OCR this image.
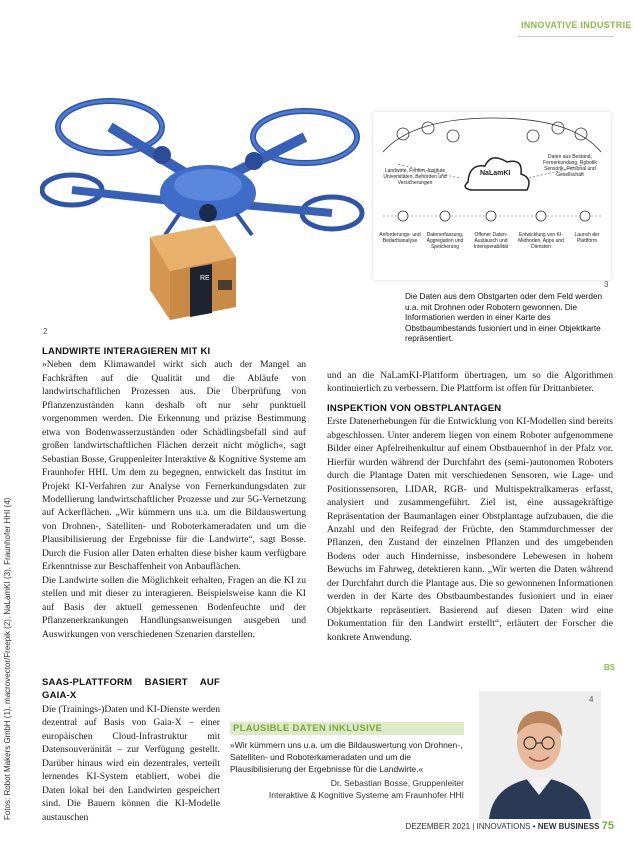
INNOVATIVE INDUSTRIE
Fotos: Robot Makers GmbH (1), macrovector/Freepik (2), NaLamKI (3), Fraunhofer HHI (4)
RE
2
NaLamKI
Landwirte, Firmen, Institute Universitäten, Behörden und Versicherungen
Daten aus Bestand, Fernerkundung, Robotik Sensorik, Personal und Gesellschaft
Anforderungs- und Bedarfsanalyse
Datenerfassung, Aggregation und Speicherung
Offener Daten-Austausch und Interoperabilität
Entwicklung von KI-Methoden, Apps und Diensten
Launch der Plattform
3
Die Daten aus dem Obstgarten oder dem Feld werden u.a. mit Drohnen oder Robotern gewonnen. Die Informationen werden in einer Karte des Obstbaumbestands fusioniert und in einer Objektkarte repräsentiert.

LANDWIRTE INTERAGIEREN MIT KI

»Neben dem Klimawandel wirkt sich auch der Mangel an Fachkräften auf die Qualität und die Abläufe von landwirtschaftlichen Prozessen aus. Die Überprüfung von Pflanzenzuständen kann deshalb oft nur sehr punktuell vorgenommen werden. Die Erkennung und präzise Bestimmung etwa von Bodenwasserzuständen oder Schädlingsbefall sind auf großen landwirtschaftlichen Flächen derzeit nicht möglich«, sagt Sebastian Bosse, Gruppenleiter Interaktive & Kognitive Systeme am Fraunhofer HHI. Um dem zu begegnen, entwickelt das Institut im Projekt KI-Verfahren zur Analyse von Fernerkundungsdaten zur Modellierung landwirtschaftlicher Prozesse und zur 5G-Vernetzung auf Ackerflächen. „Wir kümmern uns u.a. um die Bildauswertung von Drohnen-, Satelliten- und Roboterkameradaten und um die Plausibilisierung der Ergebnisse für die Landwirte“, sagt Bosse. Durch die Fusion aller Daten erhalten diese bisher kaum verfügbare Erkenntnisse zur Beschaffenheit von Anbauflächen.

Die Landwirte sollen die Möglichkeit erhalten, Fragen an die KI zu stellen und mit dieser zu interagieren. Beispielsweise kann die KI auf Basis der aktuell gemessenen Bodenfeuchte und der Pflanzenerkrankungen Handlungsanweisungen ausgeben und Auswirkungen von verschiedenen Szenarien darstellen.

SAAS-PLATTFORM BASIERT AUF GAIA-X

Die (Trainings-)Daten und KI-Dienste werden dezentral auf Basis von Gaia-X – einer europäischen Cloud-Infrastruktur mit Datensouveränität – zur Verfügung gestellt. Darüber hinaus wird ein dezentrales, verteilt lernendes KI-System etabliert, wobei die Daten lokal bei den Landwirten gespeichert sind. Die Bauern können die KI-Modelle austauschen

und an die NaLamKI-Plattform übertragen, um so die Algorithmen kontinuierlich zu verbessern. Die Plattform ist offen für Drittanbieter.

INSPEKTION VON OBSTPLANTAGEN

Erste Datenerhebungen für die Entwicklung von KI-Modellen sind bereits abgeschlossen. Unter anderem liegen von einem Roboter aufgenommene Bilder einer Apfelreihenkultur auf einem Obstbauernhof in der Pfalz vor. Hierfür wurden während der Durchfahrt des (semi-)autonomen Roboters durch die Plantage Daten mit verschiedenen Sensoren, wie Lage- und Positionssensoren, LIDAR, RGB- und Multispektralkameras erfasst, analysiert und zusammengeführt. Ziel ist, eine aussagekräftige Repräsentation der Baumanlagen einer Obstplantage aufzubauen, die die Anzahl und den Reifegrad der Früchte, den Stammdurchmesser der Pflanzen, den Zustand der einzelnen Pflanzen und des umgebenden Bodens oder auch Hindernisse, insbesondere Lebewesen in hohem Bewuchs im Fahrweg, detektieren kann. „Wir werten die Daten während der Durchfahrt durch die Plantage aus. Die so gewonnenen Informationen werden in der Karte des Obstbaumbestandes fusioniert und in einer Objektkarte repräsentiert. Basierend auf diesen Daten wird eine Dokumentation für den Landwirt erstellt“, erläutert der Forscher die konkrete Anwendung.

BS
PLAUSIBLE DATEN INKLUSIVE
»Wir kümmern uns u.a. um die Bildauswertung von Drohnen-, Satelliten- und Roboterkameradaten und um die Plausibilisierung der Ergebnisse für die Landwirte.«
Dr. Sebastian Bosse, Gruppenleiter
Interaktive & Kognitive Systeme am Fraunhofer HHI
4
DEZEMBER 2021 | INNOVATIONS • NEW BUSINESS 75
